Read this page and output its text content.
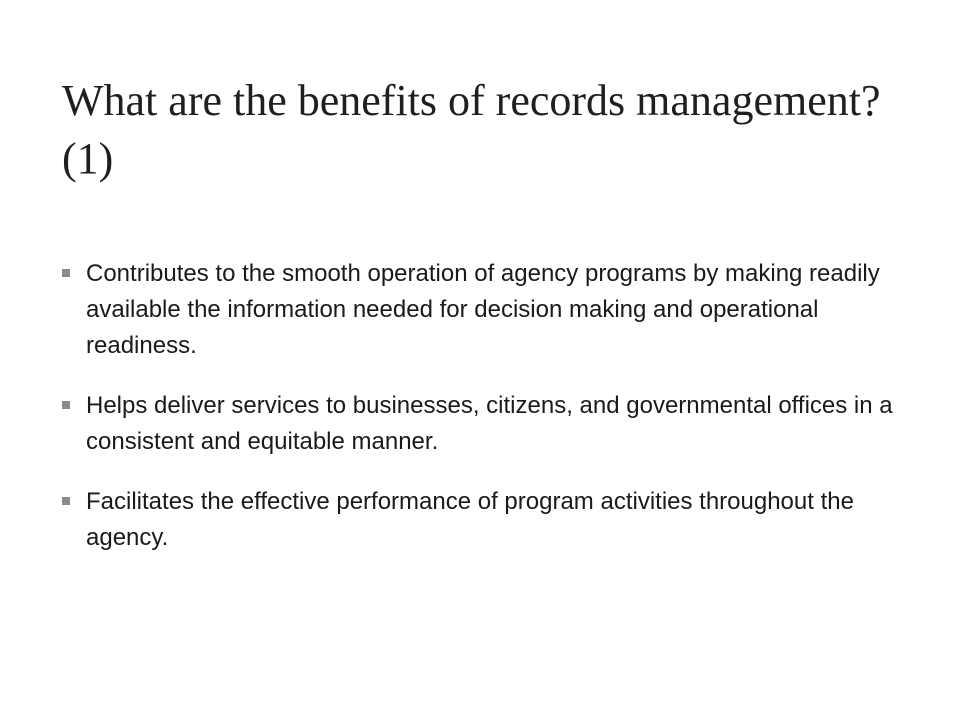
What are the benefits of records management? (1)
Contributes to the smooth operation of agency programs by making readily available the information needed for decision making and operational readiness.
Helps deliver services to businesses, citizens, and governmental offices in a consistent and equitable manner.
Facilitates the effective performance of program activities throughout the agency.
